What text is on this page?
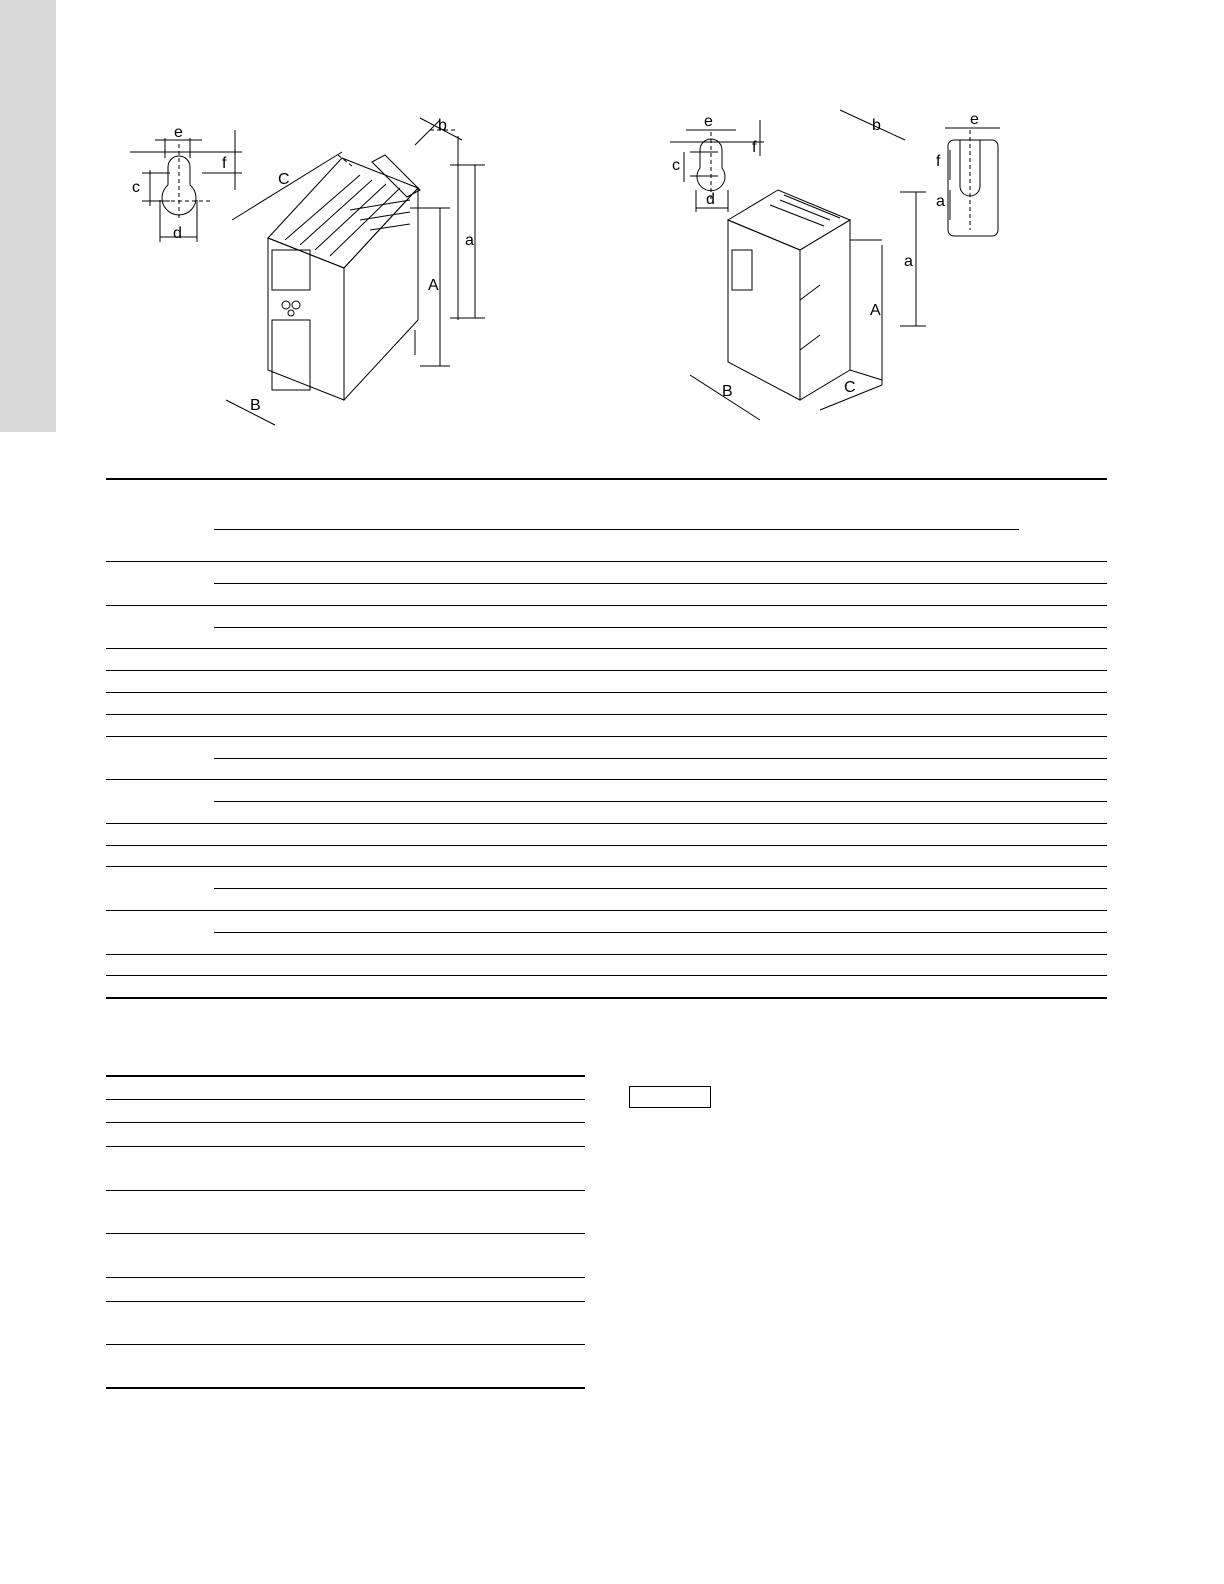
e
f
c
d
C
b
a
A
B
e
f
c
d
b
a
A
B	C
e
f
a
